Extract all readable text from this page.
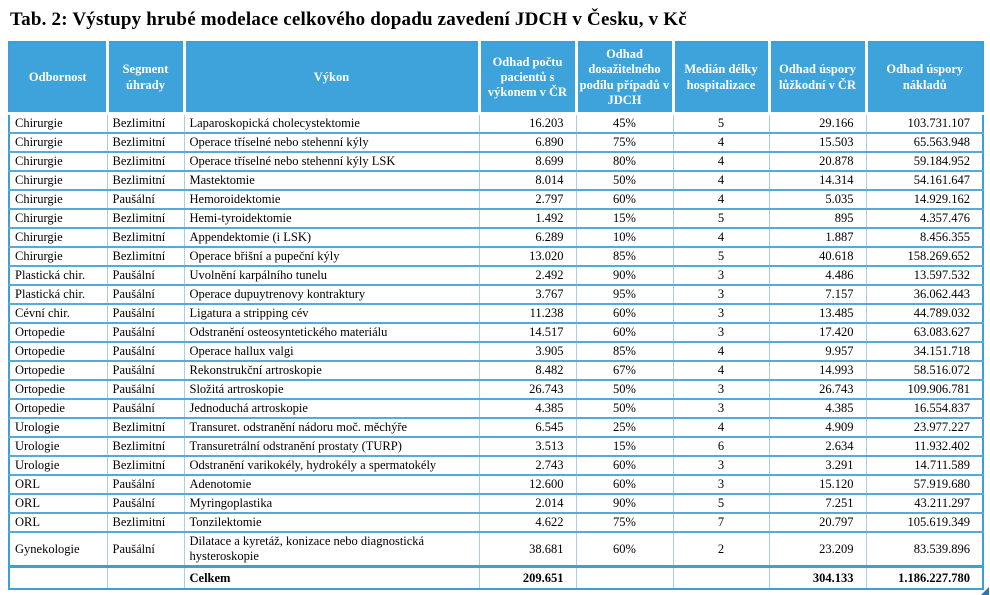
Tab. 2: Výstupy hrubé modelace celkového dopadu zavedení JDCH v Česku, v Kč
Odbornost	Segment úhrady	Výkon	Odhad počtu pacientů s výkonem v ČR	Odhad dosažitelného podílu případů v JDCH	Medián délky hospitalizace	Odhad úspory lůžkodní v ČR	Odhad úspory nákladů
Chirurgie	Bezlimitní	Laparoskopická cholecystektomie	16.203	45%	5	29.166	103.731.107
Chirurgie	Bezlimitní	Operace tříselné nebo stehenní kýly	6.890	75%	4	15.503	65.563.948
Chirurgie	Bezlimitní	Operace tříselné nebo stehenní kýly LSK	8.699	80%	4	20.878	59.184.952
Chirurgie	Bezlimitní	Mastektomie	8.014	50%	4	14.314	54.161.647
Chirurgie	Paušální	Hemoroidektomie	2.797	60%	4	5.035	14.929.162
Chirurgie	Bezlimitní	Hemi-tyroidektomie	1.492	15%	5	895	4.357.476
Chirurgie	Bezlimitní	Appendektomie (i LSK)	6.289	10%	4	1.887	8.456.355
Chirurgie	Bezlimitní	Operace břišní a pupeční kýly	13.020	85%	5	40.618	158.269.652
Plastická chir.	Paušální	Uvolnění karpálního tunelu	2.492	90%	3	4.486	13.597.532
Plastická chir.	Paušální	Operace dupuytrenovy kontraktury	3.767	95%	3	7.157	36.062.443
Cévní chir.	Paušální	Ligatura a stripping cév	11.238	60%	3	13.485	44.789.032
Ortopedie	Paušální	Odstranění osteosyntetického materiálu	14.517	60%	3	17.420	63.083.627
Ortopedie	Paušální	Operace hallux valgi	3.905	85%	4	9.957	34.151.718
Ortopedie	Paušální	Rekonstrukční artroskopie	8.482	67%	4	14.993	58.516.072
Ortopedie	Paušální	Složitá artroskopie	26.743	50%	3	26.743	109.906.781
Ortopedie	Paušální	Jednoduchá artroskopie	4.385	50%	3	4.385	16.554.837
Urologie	Bezlimitní	Transuret. odstranění nádoru moč. měchýře	6.545	25%	4	4.909	23.977.227
Urologie	Bezlimitní	Transuretrální odstranění prostaty (TURP)	3.513	15%	6	2.634	11.932.402
Urologie	Bezlimitní	Odstranění varikokély, hydrokély a spermatokély	2.743	60%	3	3.291	14.711.589
ORL	Paušální	Adenotomie	12.600	60%	3	15.120	57.919.680
ORL	Paušální	Myringoplastika	2.014	90%	5	7.251	43.211.297
ORL	Bezlimitní	Tonzilektomie	4.622	75%	7	20.797	105.619.349
Gynekologie	Paušální	Dilatace a kyretáž, konizace nebo diagnostická hysteroskopie	38.681	60%	2	23.209	83.539.896
		Celkem	209.651			304.133	1.186.227.780
